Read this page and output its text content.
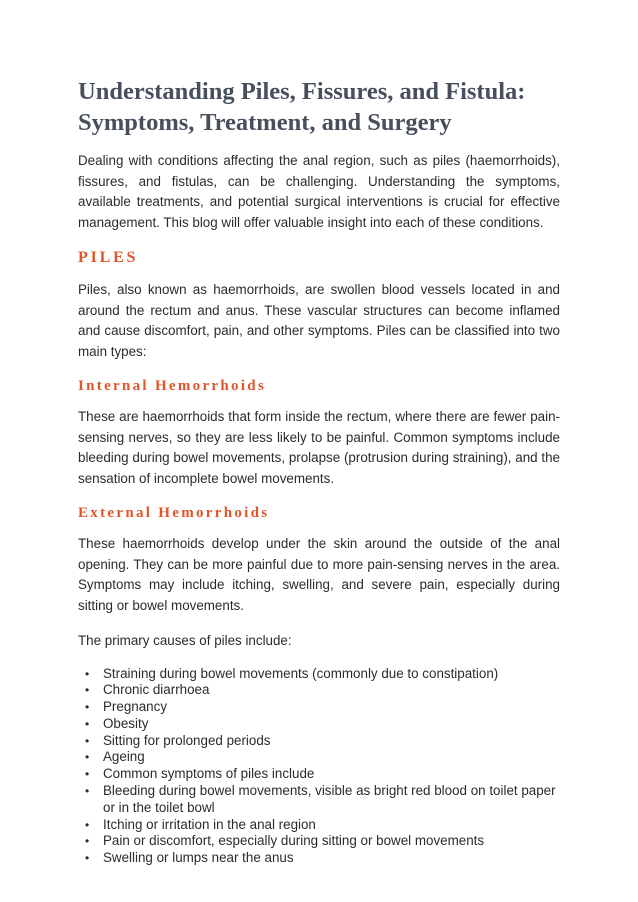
Understanding Piles, Fissures, and Fistula: Symptoms, Treatment, and Surgery

Dealing with conditions affecting the anal region, such as piles (haemorrhoids), fissures, and fistulas, can be challenging. Understanding the symptoms, available treatments, and potential surgical interventions is crucial for effective management. This blog will offer valuable insight into each of these conditions.

PILES

Piles, also known as haemorrhoids, are swollen blood vessels located in and around the rectum and anus. These vascular structures can become inflamed and cause discomfort, pain, and other symptoms. Piles can be classified into two main types:

Internal Hemorrhoids

These are haemorrhoids that form inside the rectum, where there are fewer pain-sensing nerves, so they are less likely to be painful. Common symptoms include bleeding during bowel movements, prolapse (protrusion during straining), and the sensation of incomplete bowel movements.

External Hemorrhoids

These haemorrhoids develop under the skin around the outside of the anal opening. They can be more painful due to more pain-sensing nerves in the area. Symptoms may include itching, swelling, and severe pain, especially during sitting or bowel movements.

The primary causes of piles include:

• Straining during bowel movements (commonly due to constipation)
• Chronic diarrhoea
• Pregnancy
• Obesity
• Sitting for prolonged periods
• Ageing
• Common symptoms of piles include
• Bleeding during bowel movements, visible as bright red blood on toilet paper or in the toilet bowl
• Itching or irritation in the anal region
• Pain or discomfort, especially during sitting or bowel movements
• Swelling or lumps near the anus
